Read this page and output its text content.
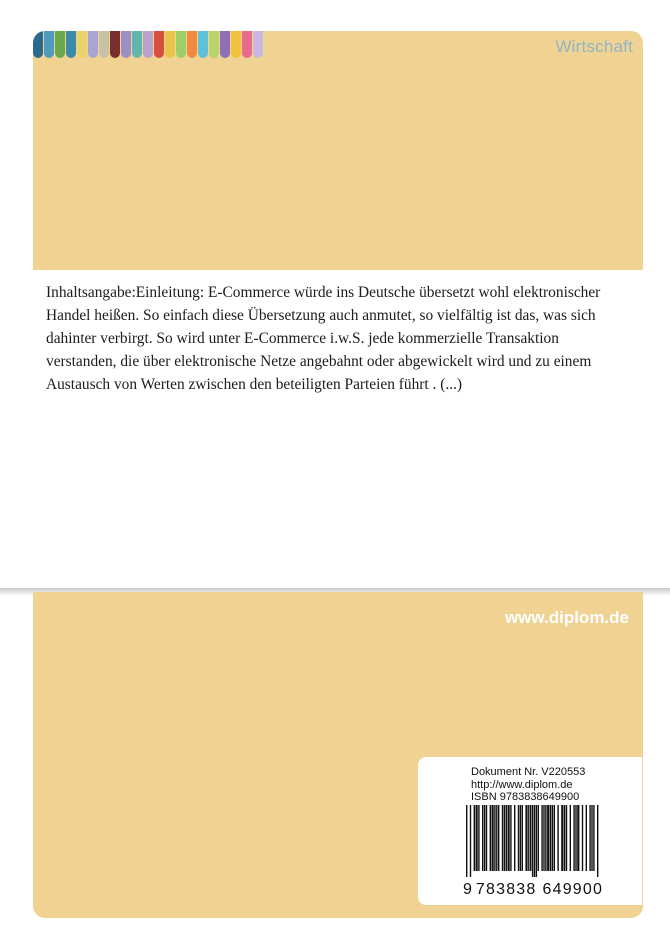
Wirtschaft

Inhaltsangabe:Einleitung: E-Commerce würde ins Deutsche übersetzt wohl elektronischer

Handel heißen. So einfach diese Übersetzung auch anmutet, so vielfältig ist das, was sich

dahinter verbirgt. So wird unter E-Commerce i.w.S. jede kommerzielle Transaktion

verstanden, die über elektronische Netze angebahnt oder abgewickelt wird und zu einem

Austausch von Werten zwischen den beteiligten Parteien führt . (...)

www.diplom.de
Dokument Nr. V220553
http://www.diplom.de
ISBN 9783838649900
9 783838 649900
